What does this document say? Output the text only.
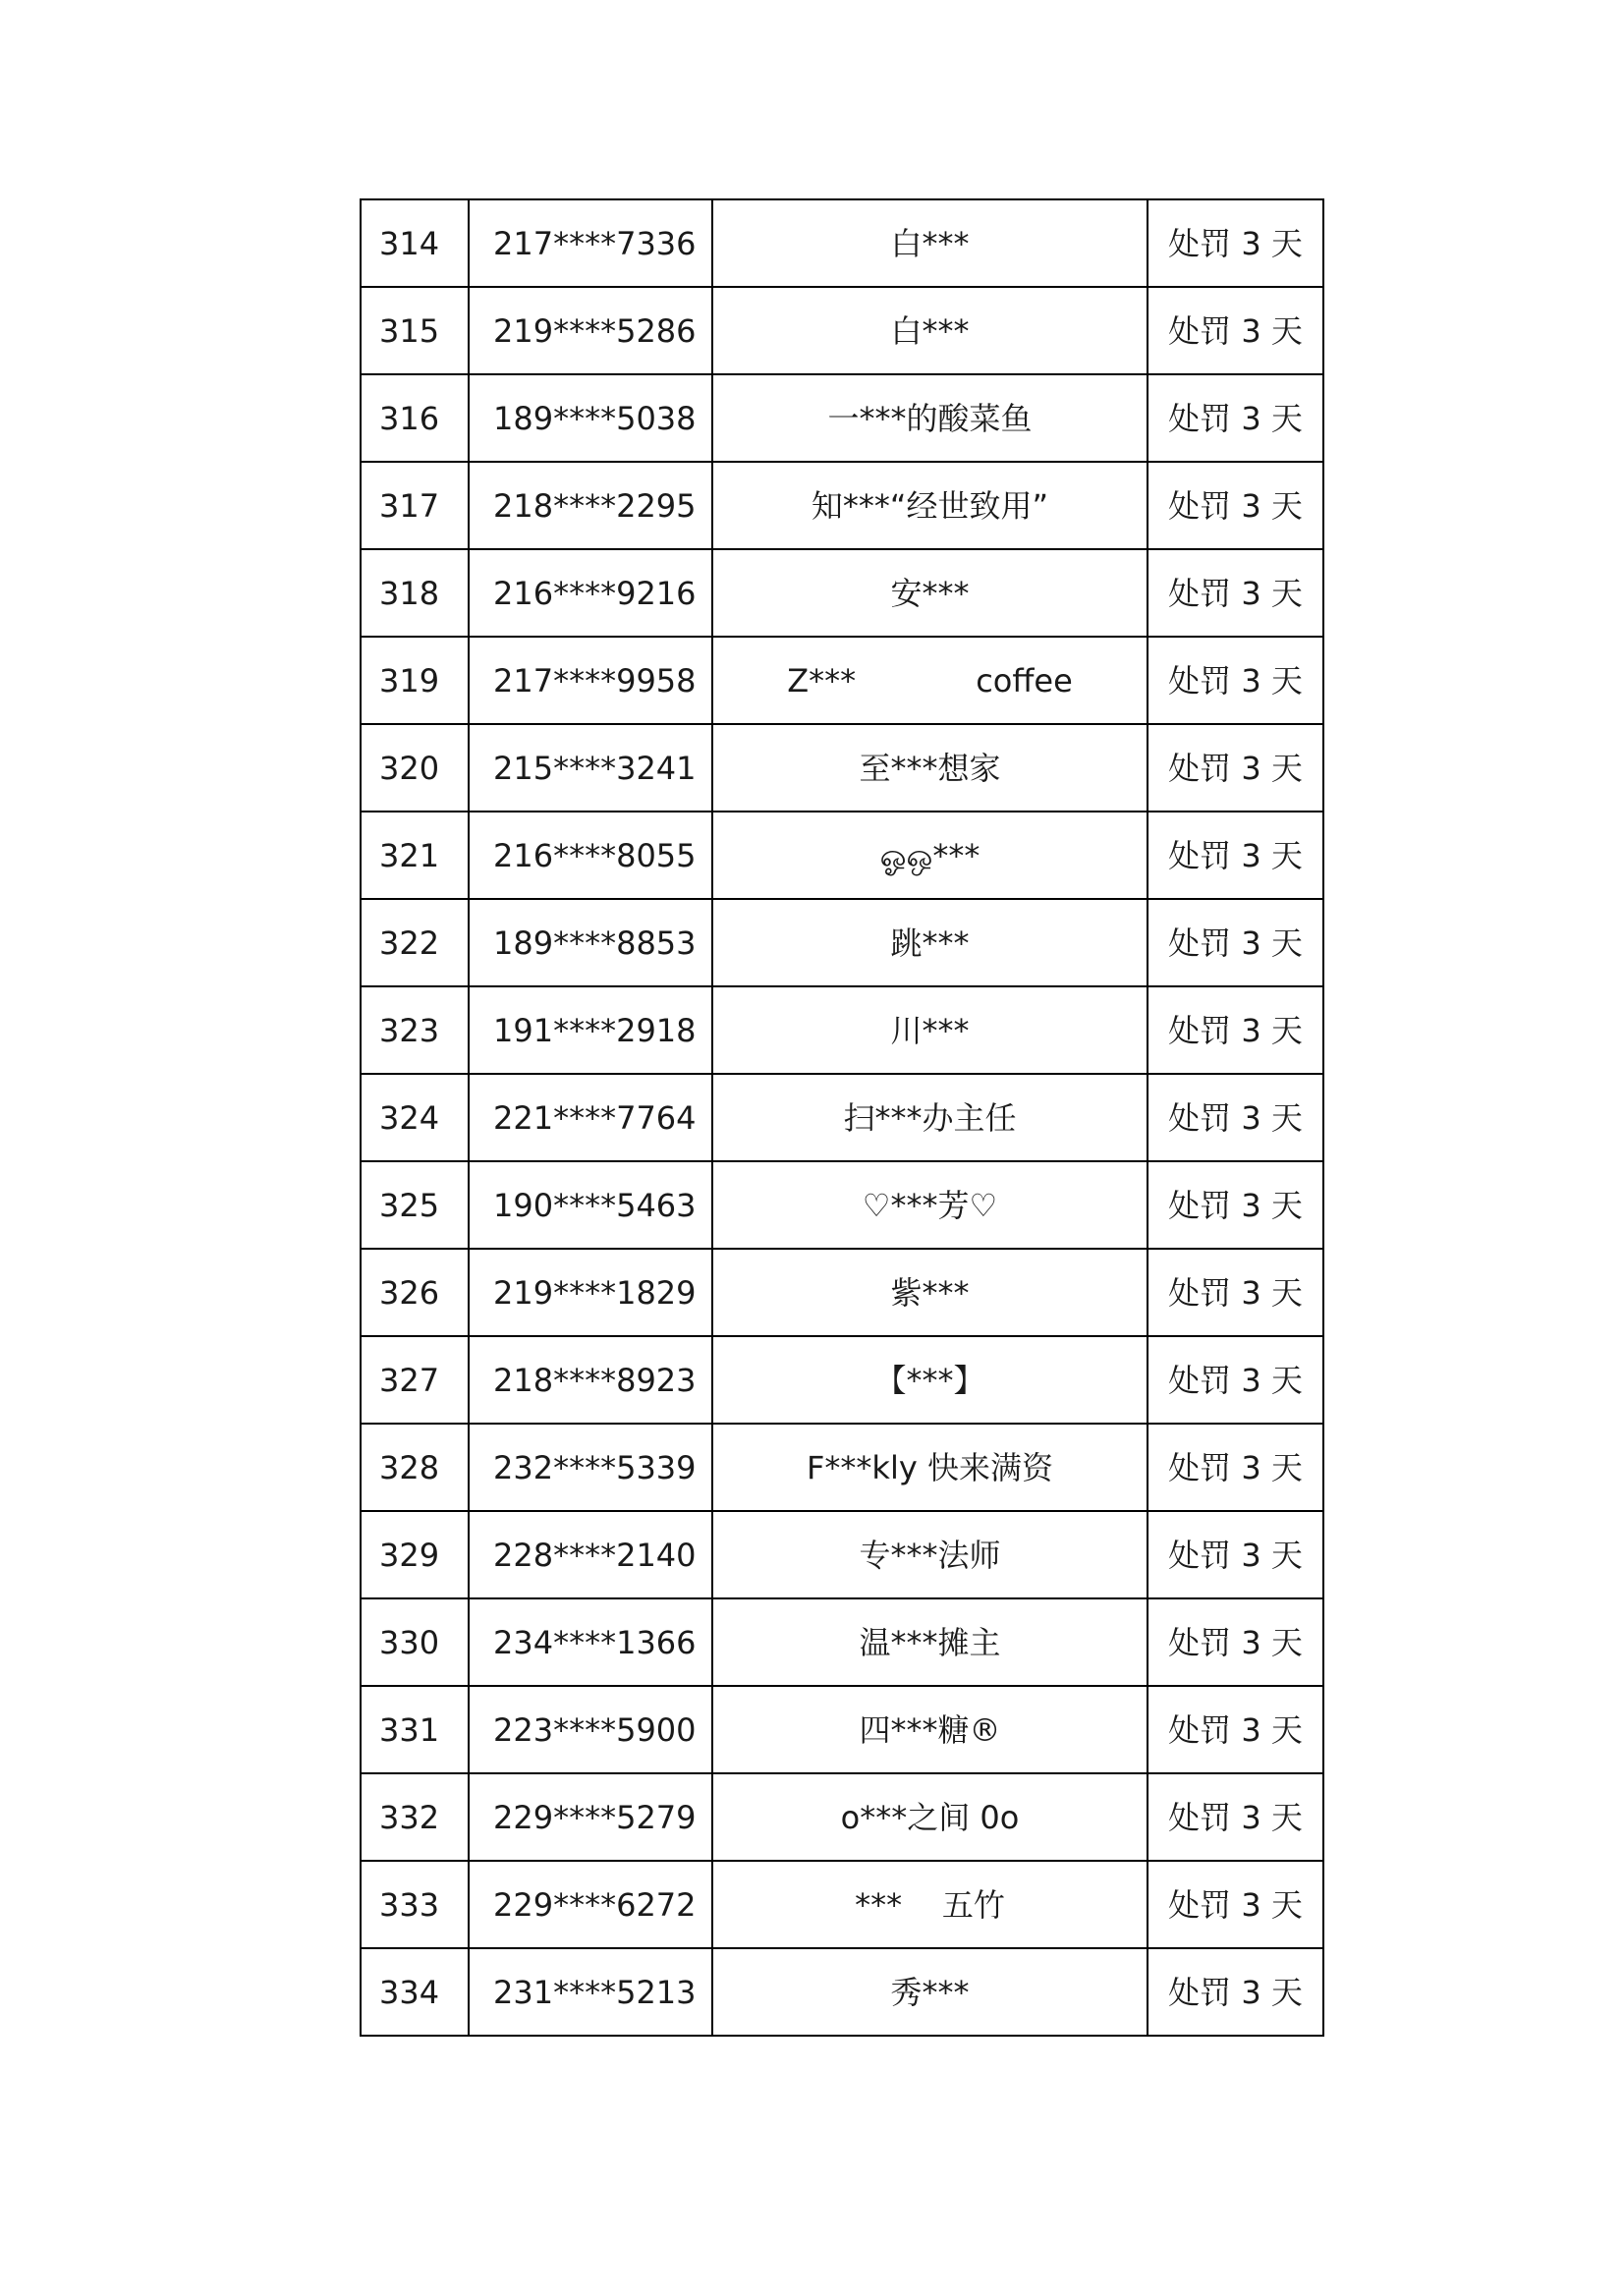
314	217****7336	白***	处罚 3 天
315	219****5286	白***	处罚 3 天
316	189****5038	一***的酸菜鱼	处罚 3 天
317	218****2295	知***“经世致用”	处罚 3 天
318	216****9216	安***	处罚 3 天
319	217****9958	Z***            coffee	处罚 3 天
320	215****3241	至***想家	处罚 3 天
321	216****8055	ஓஒ***	处罚 3 天
322	189****8853	跳***	处罚 3 天
323	191****2918	川***	处罚 3 天
324	221****7764	扫***办主任	处罚 3 天
325	190****5463	♡***芳♡	处罚 3 天
326	219****1829	紫***	处罚 3 天
327	218****8923	【***】	处罚 3 天
328	232****5339	F***kly 快来满资	处罚 3 天
329	228****2140	专***法师	处罚 3 天
330	234****1366	温***摊主	处罚 3 天
331	223****5900	四***糖®	处罚 3 天
332	229****5279	o***之间 0o	处罚 3 天
333	229****6272	***    五竹	处罚 3 天
334	231****5213	秀***	处罚 3 天
